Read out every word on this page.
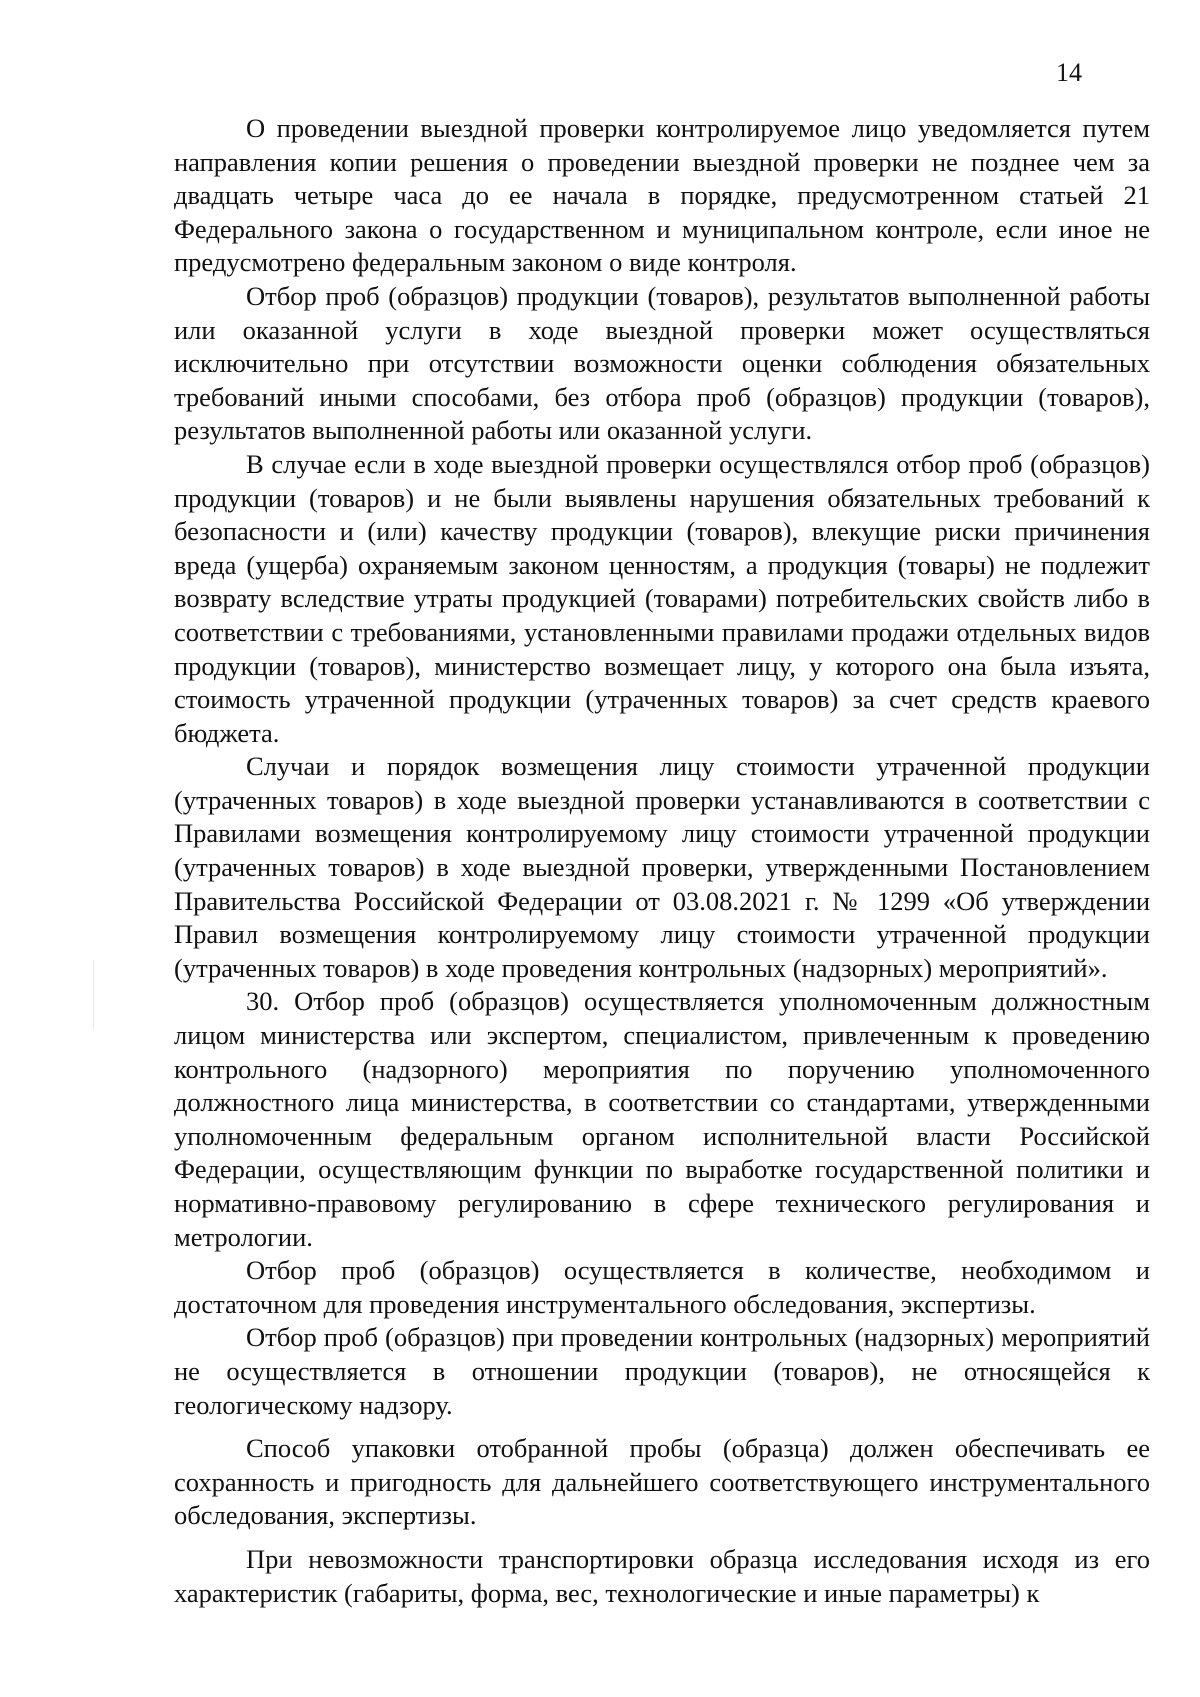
14

О проведении выездной проверки контролируемое лицо уведомляется путем направления копии решения о проведении выездной проверки не позднее чем за двадцать четыре часа до ее начала в порядке, предусмотренном статьей 21 Федерального закона о государственном и муниципальном контроле, если иное не предусмотрено федеральным законом о виде контроля.

Отбор проб (образцов) продукции (товаров), результатов выполненной работы или оказанной услуги в ходе выездной проверки может осуществляться исключительно при отсутствии возможности оценки соблюдения обязательных требований иными способами, без отбора проб (образцов) продукции (товаров), результатов выполненной работы или оказанной услуги.

В случае если в ходе выездной проверки осуществлялся отбор проб (образцов) продукции (товаров) и не были выявлены нарушения обязательных требований к безопасности и (или) качеству продукции (товаров), влекущие риски причинения вреда (ущерба) охраняемым законом ценностям, а продукция (товары) не подлежит возврату вследствие утраты продукцией (товарами) потребительских свойств либо в соответствии с требованиями, установленными правилами продажи отдельных видов продукции (товаров), министерство возмещает лицу, у которого она была изъята, стоимость утраченной продукции (утраченных товаров) за счет средств краевого бюджета.

Случаи и порядок возмещения лицу стоимости утраченной продукции (утраченных товаров) в ходе выездной проверки устанавливаются в соответствии с Правилами возмещения контролируемому лицу стоимости утраченной продукции (утраченных товаров) в ходе выездной проверки, утвержденными Постановлением Правительства Российской Федерации от 03.08.2021 г. № 1299 «Об утверждении Правил возмещения контролируемому лицу стоимости утраченной продукции (утраченных товаров) в ходе проведения контрольных (надзорных) мероприятий».

30. Отбор проб (образцов) осуществляется уполномоченным должностным лицом министерства или экспертом, специалистом, привлеченным к проведению контрольного (надзорного) мероприятия по поручению уполномоченного должностного лица министерства, в соответствии со стандартами, утвержденными уполномоченным федеральным органом исполнительной власти Российской Федерации, осуществляющим функции по выработке государственной политики и нормативно-правовому регулированию в сфере технического регулирования и метрологии.

Отбор проб (образцов) осуществляется в количестве, необходимом и достаточном для проведения инструментального обследования, экспертизы.

Отбор проб (образцов) при проведении контрольных (надзорных) мероприятий не осуществляется в отношении продукции (товаров), не относящейся к геологическому надзору.

Способ упаковки отобранной пробы (образца) должен обеспечивать ее сохранность и пригодность для дальнейшего соответствующего инструментального обследования, экспертизы.

При невозможности транспортировки образца исследования исходя из его характеристик (габариты, форма, вес, технологические и иные параметры) к
